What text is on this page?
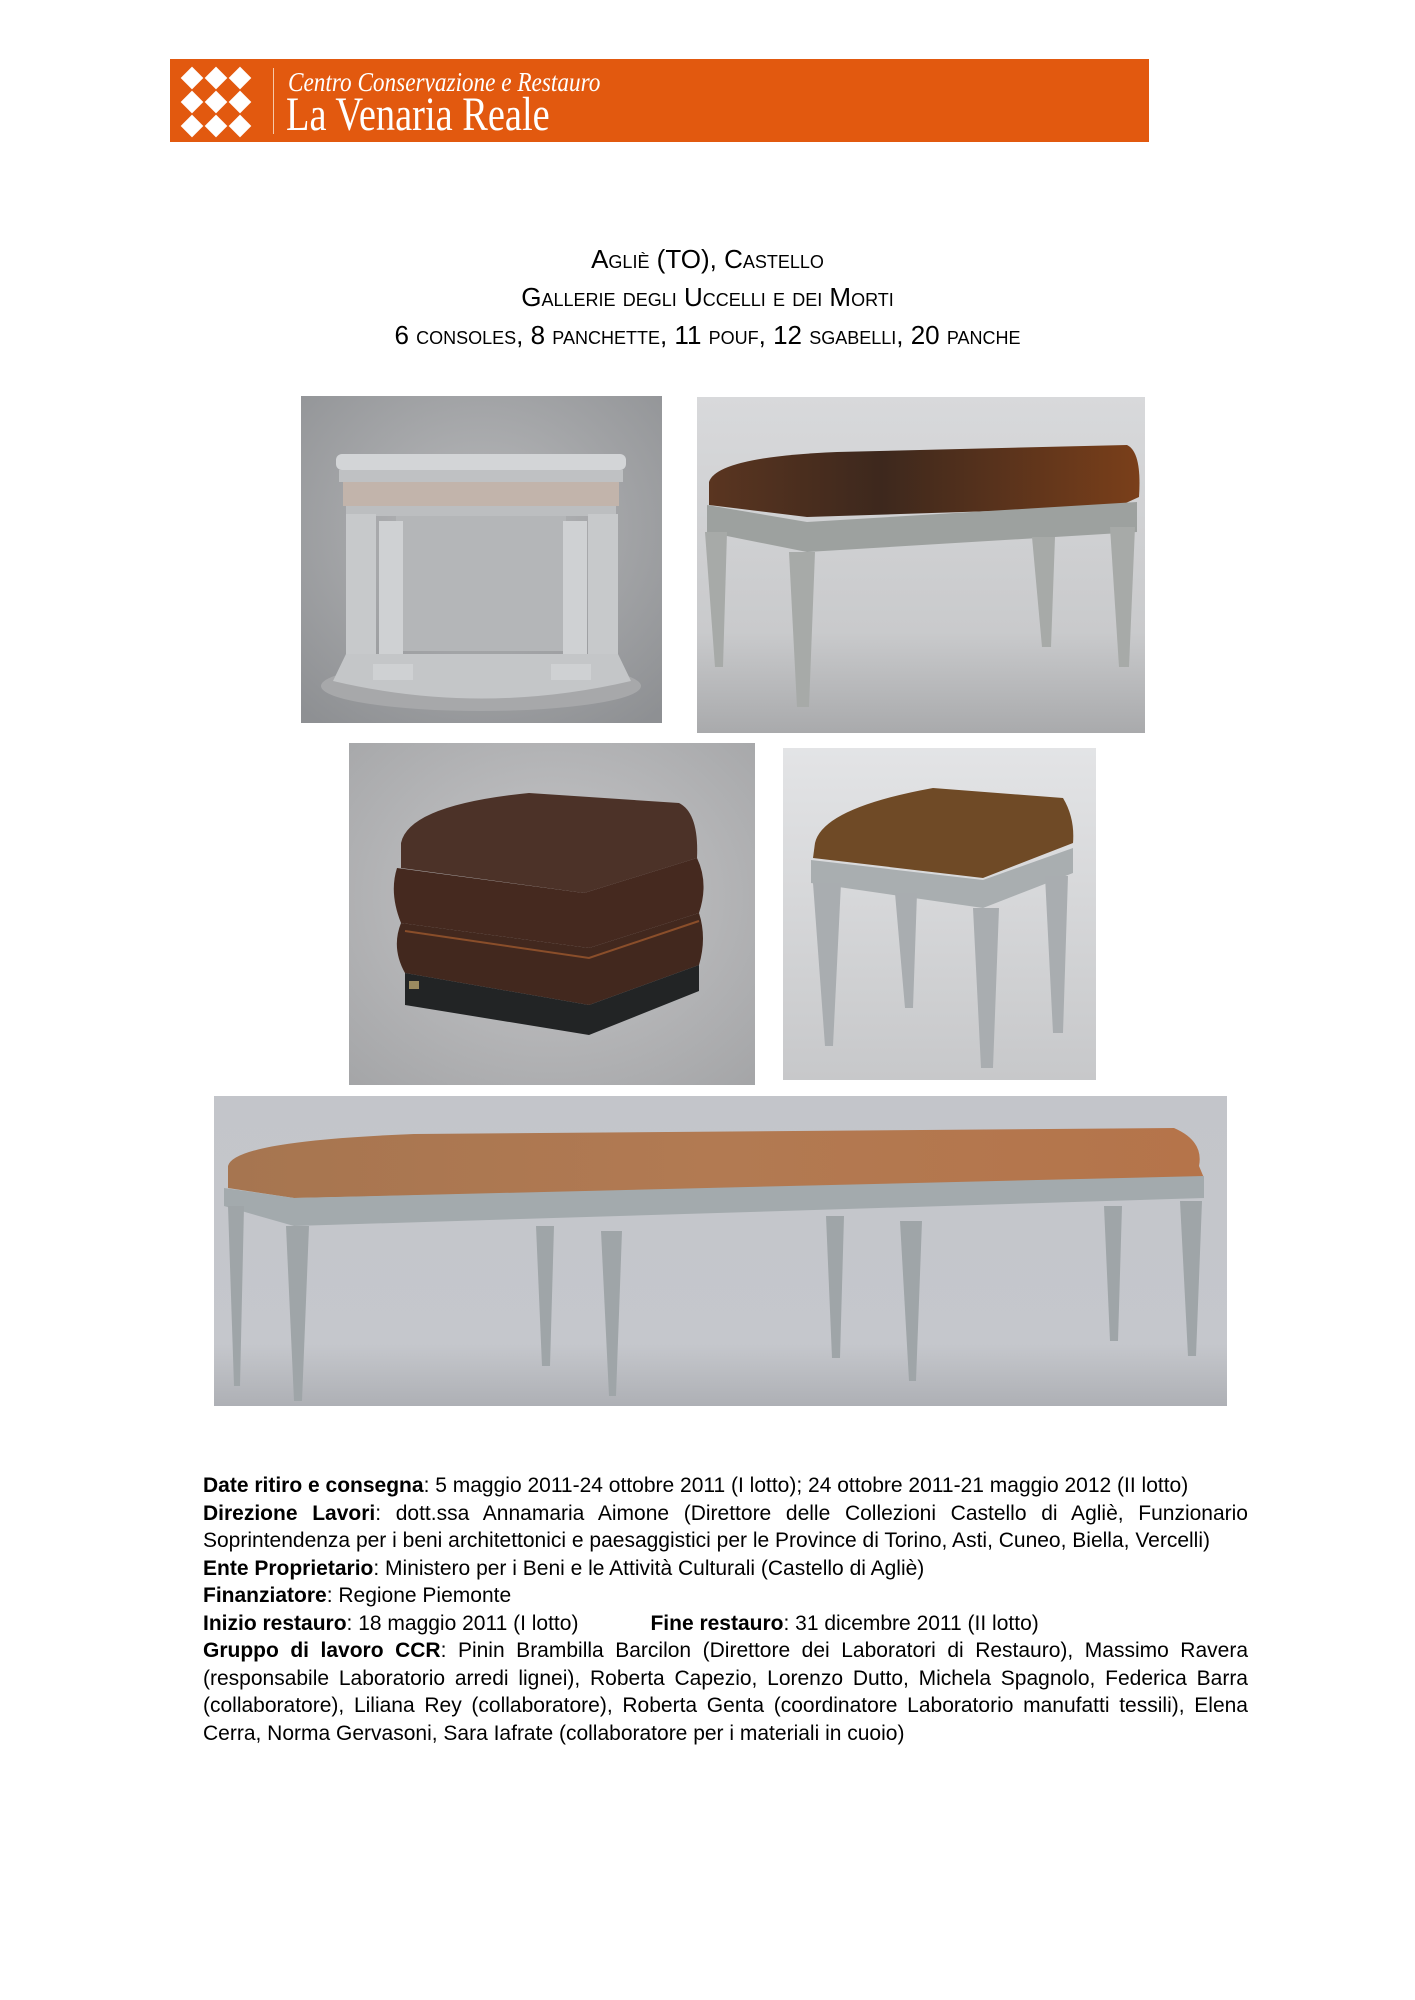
Centro Conservazione e Restauro
La Venaria Reale
Agliè (TO), Castello
Gallerie degli Uccelli e dei Morti
6 consoles, 8 panchette, 11 pouf, 12 sgabelli, 20 panche

Date ritiro e consegna: 5 maggio 2011-24 ottobre 2011 (I lotto); 24 ottobre 2011-21 maggio 2012 (II lotto)

Direzione Lavori: dott.ssa Annamaria Aimone (Direttore delle Collezioni Castello di Agliè, Funzionario Soprintendenza per i beni architettonici e paesaggistici per le Province di Torino, Asti, Cuneo, Biella, Vercelli)

Ente Proprietario: Ministero per i Beni e le Attività Culturali (Castello di Agliè)

Finanziatore: Regione Piemonte

Inizio restauro: 18 maggio 2011 (I lotto)	Fine restauro: 31 dicembre 2011 (II lotto)

Gruppo di lavoro CCR: Pinin Brambilla Barcilon (Direttore dei Laboratori di Restauro), Massimo Ravera (responsabile Laboratorio arredi lignei), Roberta Capezio, Lorenzo Dutto, Michela Spagnolo, Federica Barra (collaboratore), Liliana Rey (collaboratore), Roberta Genta (coordinatore Laboratorio manufatti tessili), Elena Cerra, Norma Gervasoni, Sara Iafrate (collaboratore per i materiali in cuoio)
